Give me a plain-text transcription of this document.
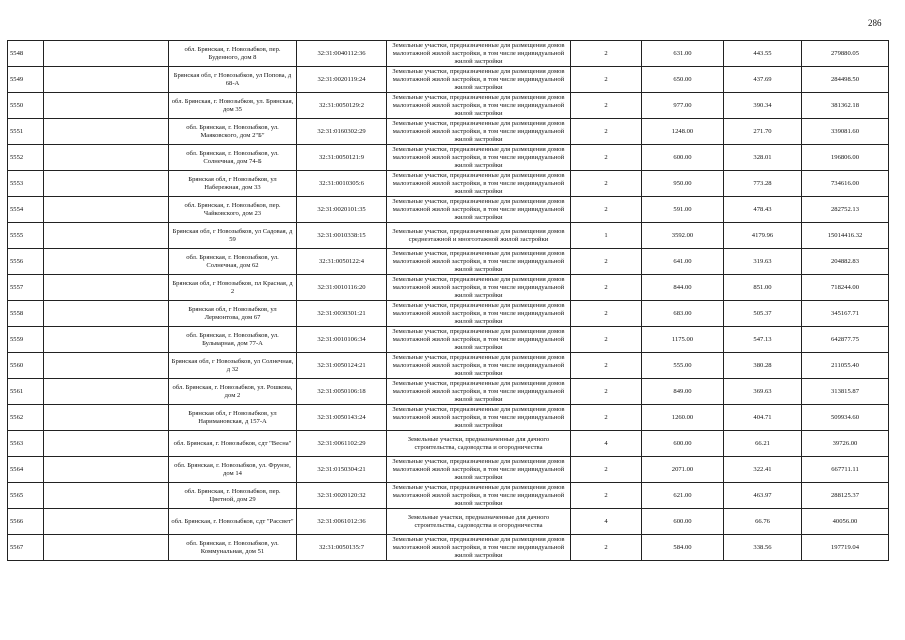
286
5548		обл. Брянская, г. Новозыбков, пер. Буденного, дом 8	32:31:0040112:36	Земельные участки, предназначенные для размещения домов малоэтажной жилой застройки, в том числе индивидуальной жилой застройки	2	631.00	443.55	279880.05
5549		Брянская обл, г Новозыбков, ул Попова, д 68-А	32:31:0020119:24	Земельные участки, предназначенные для размещения домов малоэтажной жилой застройки, в том числе индивидуальной жилой застройки	2	650.00	437.69	284498.50
5550		обл. Брянская, г. Новозыбков, ул. Брянская, дом 35	32:31:0050129:2	Земельные участки, предназначенные для размещения домов малоэтажной жилой застройки, в том числе индивидуальной жилой застройки	2	977.00	390.34	381362.18
5551		обл. Брянская, г. Новозыбков, ул. Маяковского, дом 2"Б"	32:31:0160302:29	Земельные участки, предназначенные для размещения домов малоэтажной жилой застройки, в том числе индивидуальной жилой застройки	2	1248.00	271.70	339081.60
5552		обл. Брянская, г. Новозыбков, ул. Солнечная, дом 74-Б	32:31:0050121:9	Земельные участки, предназначенные для размещения домов малоэтажной жилой застройки, в том числе индивидуальной жилой застройки	2	600.00	328.01	196806.00
5553		Брянская обл, г Новозыбков, ул Набережная, дом 33	32:31:0010305:6	Земельные участки, предназначенные для размещения домов малоэтажной жилой застройки, в том числе индивидуальной жилой застройки	2	950.00	773.28	734616.00
5554		обл. Брянская, г. Новозыбков, пер. Чайковского, дом 23	32:31:0020101:35	Земельные участки, предназначенные для размещения домов малоэтажной жилой застройки, в том числе индивидуальной жилой застройки	2	591.00	478.43	282752.13
5555		Брянская обл, г Новозыбков, ул Садовая, д 59	32:31:0010338:15	Земельные участки, предназначенные для размещения домов среднеэтажной и многоэтажной жилой застройки	1	3592.00	4179.96	15014416.32
5556		обл. Брянская, г. Новозыбков, ул. Солнечная, дом 62	32:31:0050122:4	Земельные участки, предназначенные для размещения домов малоэтажной жилой застройки, в том числе индивидуальной жилой застройки	2	641.00	319.63	204882.83
5557		Брянская обл, г Новозыбков, пл Красная, д 2	32:31:0010116:20	Земельные участки, предназначенные для размещения домов малоэтажной жилой застройки, в том числе индивидуальной жилой застройки	2	844.00	851.00	718244.00
5558		Брянская обл, г Новозыбков, ул Лермонтова, дом 67	32:31:0030301:21	Земельные участки, предназначенные для размещения домов малоэтажной жилой застройки, в том числе индивидуальной жилой застройки	2	683.00	505.37	345167.71
5559		обл. Брянская, г. Новозыбков, ул. Бульварная, дом 77-А	32:31:0010106:34	Земельные участки, предназначенные для размещения домов малоэтажной жилой застройки, в том числе индивидуальной жилой застройки	2	1175.00	547.13	642877.75
5560		Брянская обл, г Новозыбков, ул Солнечная, д 32	32:31:0050124:21	Земельные участки, предназначенные для размещения домов малоэтажной жилой застройки, в том числе индивидуальной жилой застройки	2	555.00	380.28	211055.40
5561		обл. Брянская, г. Новозыбков, ул. Рошкова, дом 2	32:31:0050106:18	Земельные участки, предназначенные для размещения домов малоэтажной жилой застройки, в том числе индивидуальной жилой застройки	2	849.00	369.63	313815.87
5562		Брянская обл, г Новозыбков, ул Наримановская, д 157-А	32:31:0050143:24	Земельные участки, предназначенные для размещения домов малоэтажной жилой застройки, в том числе индивидуальной жилой застройки	2	1260.00	404.71	509934.60
5563		обл. Брянская, г. Новозыбков, сдт "Весна"	32:31:0061102:29	Земельные участки, предназначенные для дачного строительства, садоводства и огородничества	4	600.00	66.21	39726.00
5564		обл. Брянская, г. Новозыбков, ул. Фрунзе, дом 14	32:31:0150304:21	Земельные участки, предназначенные для размещения домов малоэтажной жилой застройки, в том числе индивидуальной жилой застройки	2	2071.00	322.41	667711.11
5565		обл. Брянская, г. Новозыбков, пер. Цветной, дом 29	32:31:0020120:32	Земельные участки, предназначенные для размещения домов малоэтажной жилой застройки, в том числе индивидуальной жилой застройки	2	621.00	463.97	288125.37
5566		обл. Брянская, г. Новозыбков, сдт "Рассвет"	32:31:0061012:36	Земельные участки, предназначенные для дачного строительства, садоводства и огородничества	4	600.00	66.76	40056.00
5567		обл. Брянская, г. Новозыбков, ул. Коммунальная, дом 51	32:31:0050135:7	Земельные участки, предназначенные для размещения домов малоэтажной жилой застройки, в том числе индивидуальной жилой застройки	2	584.00	338.56	197719.04
